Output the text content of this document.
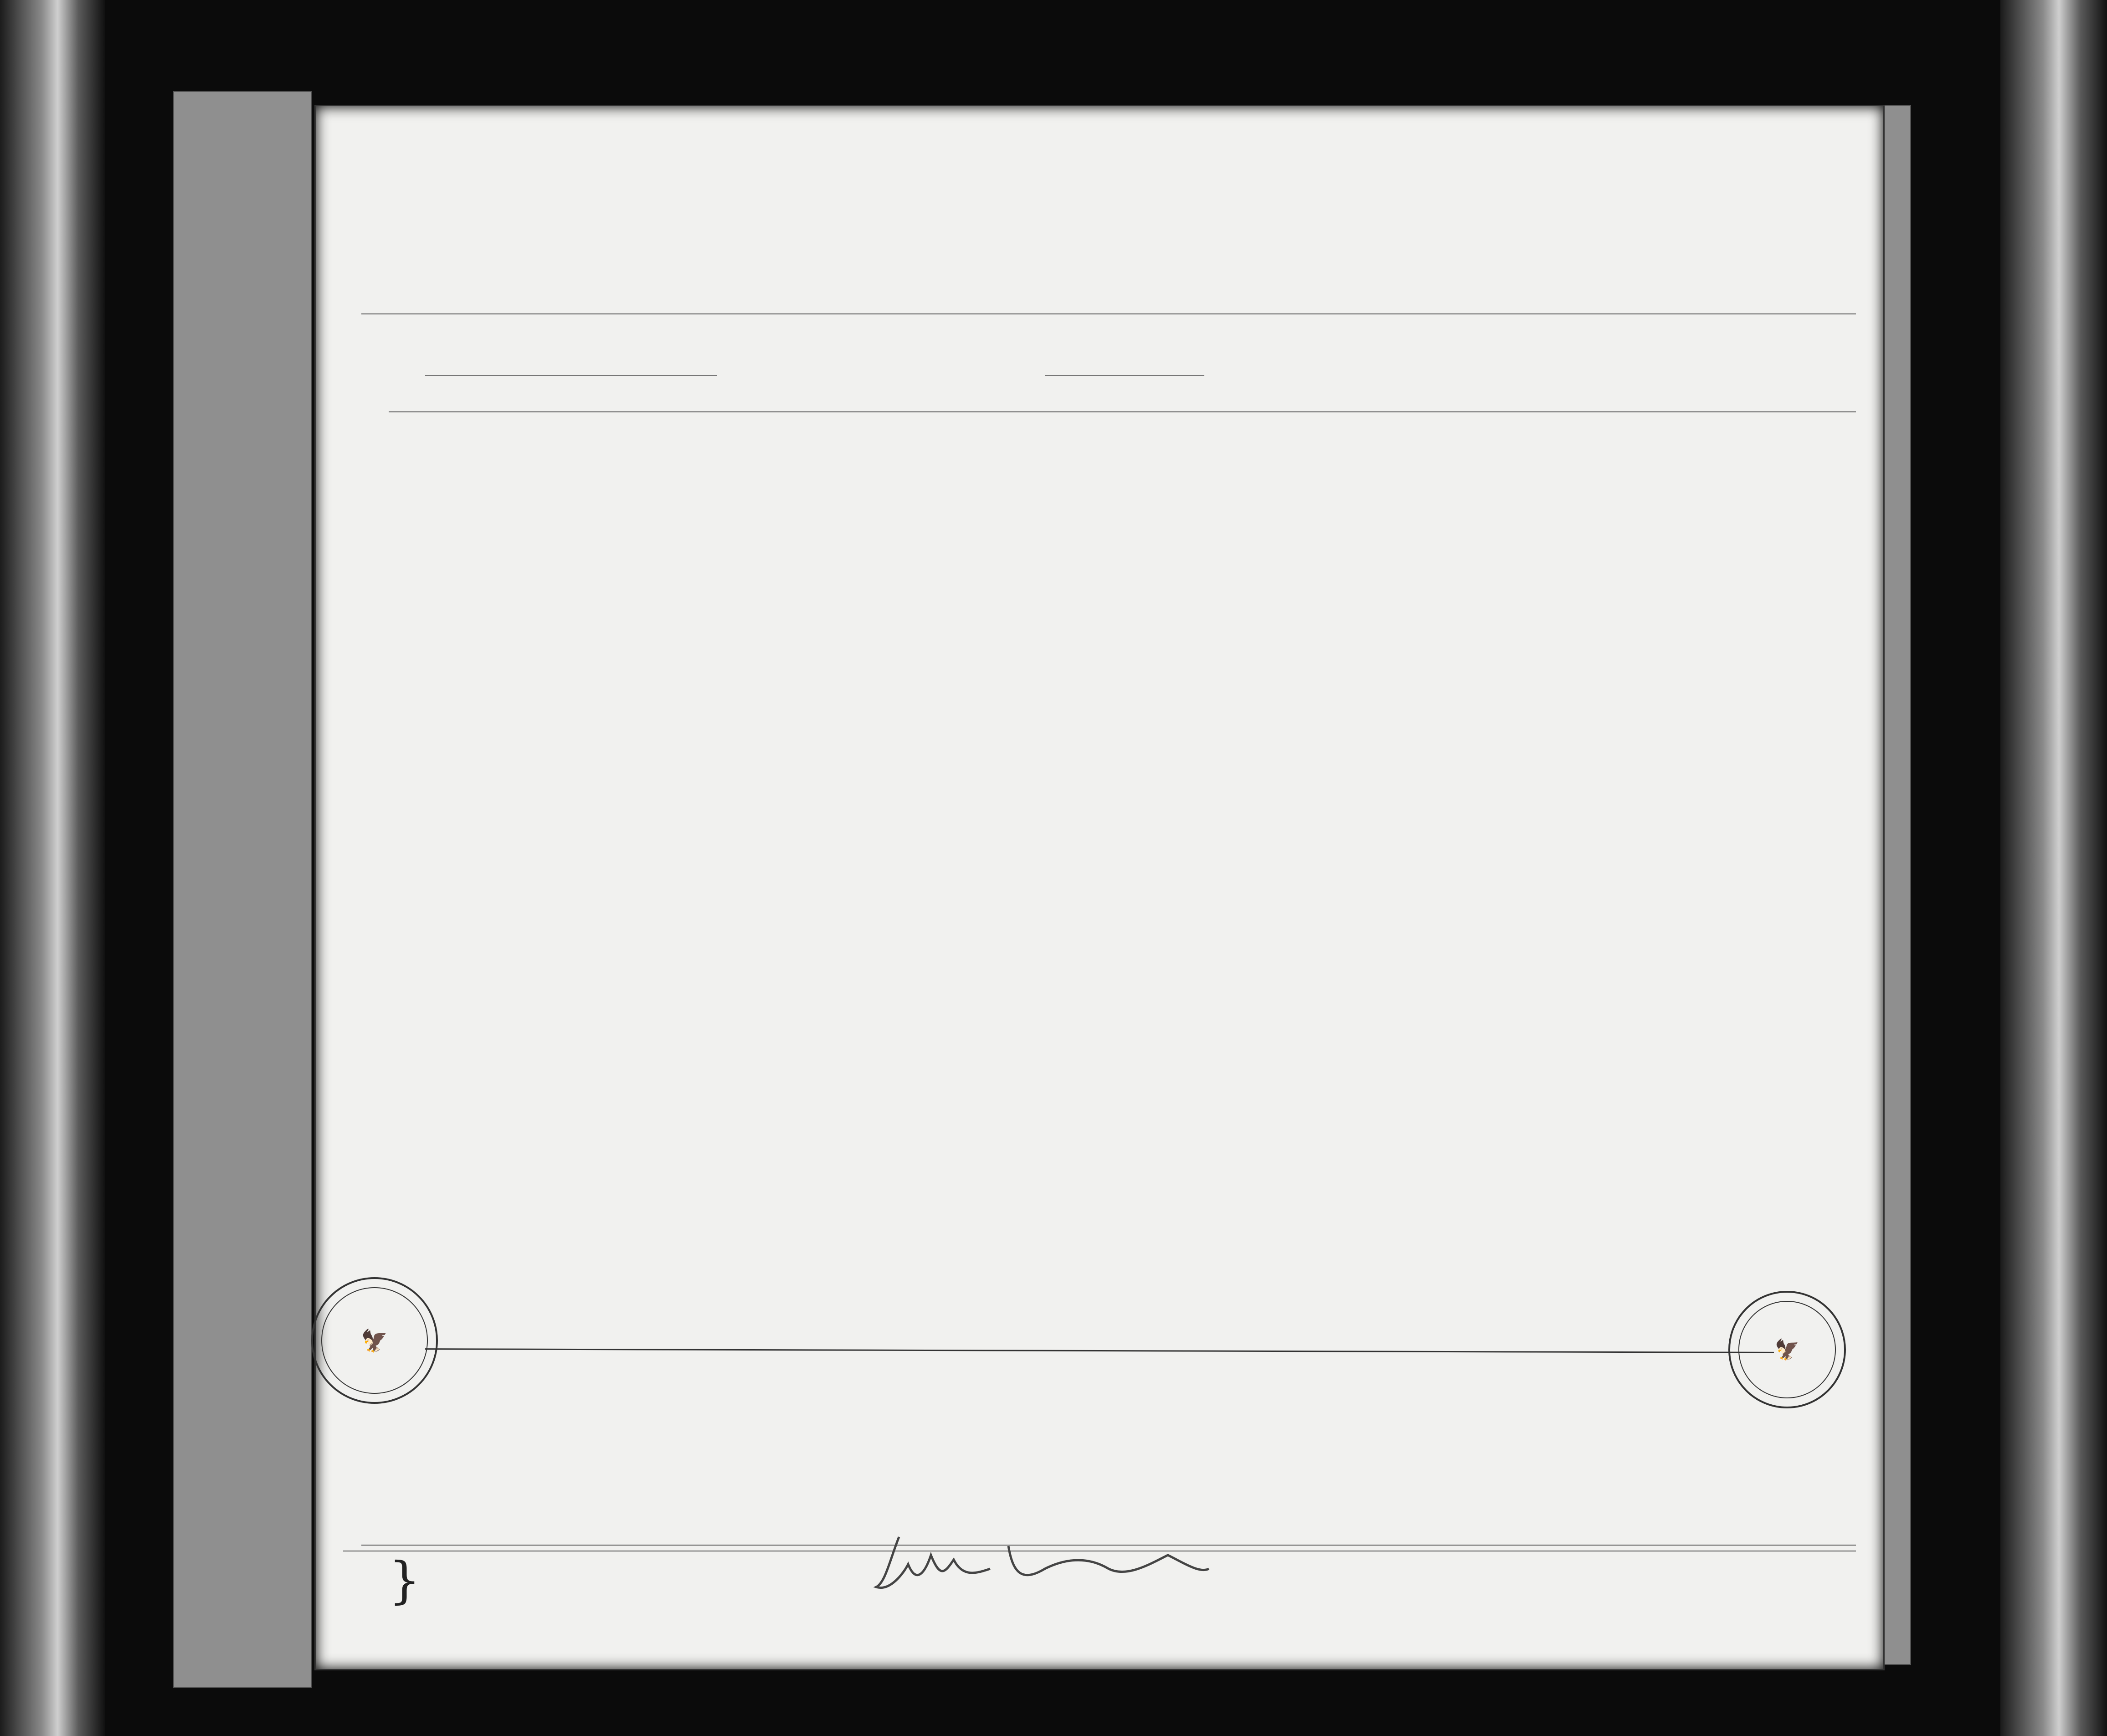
🦅	🦅
}
